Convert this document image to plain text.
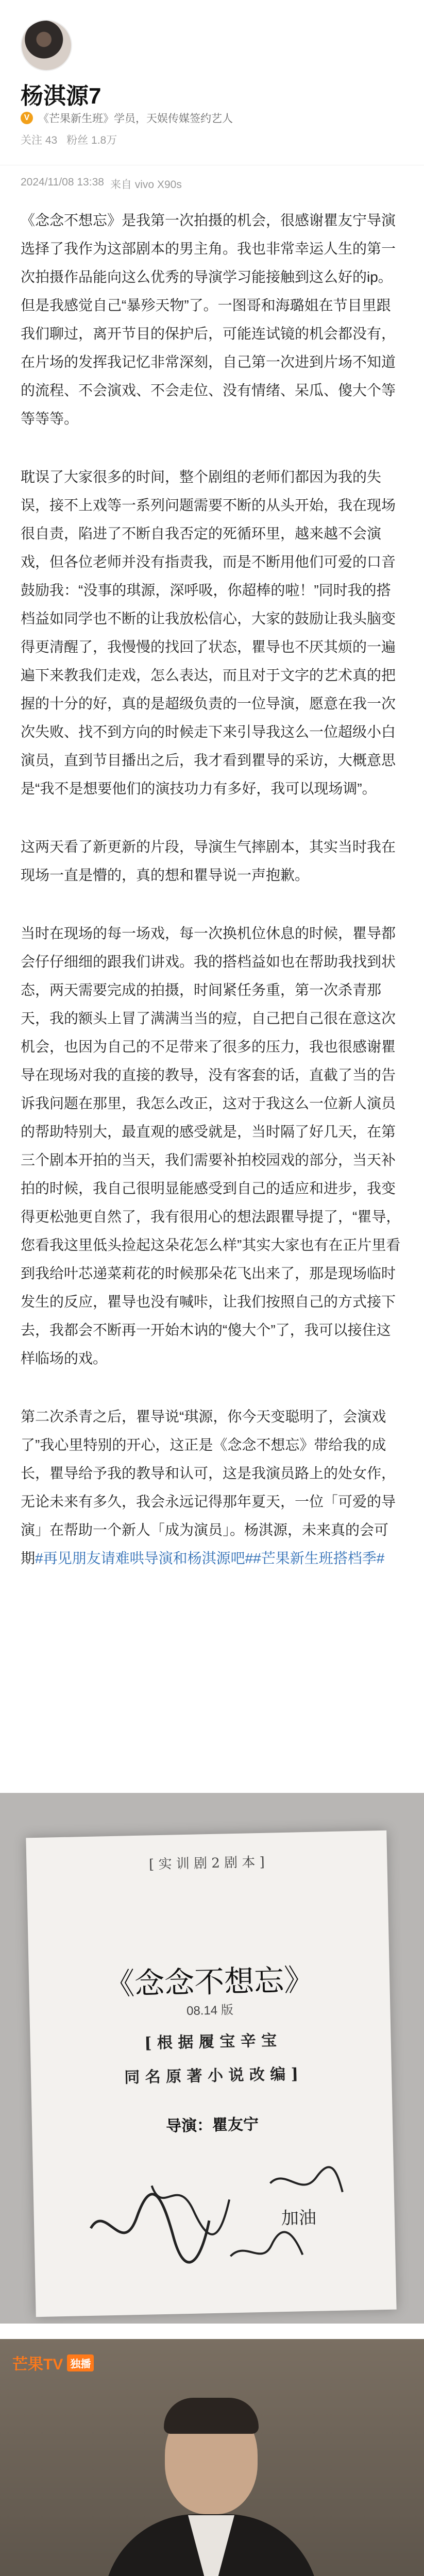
杨淇源7
V 《芒果新生班》学员，天娱传媒签约艺人
关注 43 粉丝 1.8万
2024/11/08 13:38 来自 vivo X90s

《念念不想忘》是我第一次拍摄的机会，很感谢瞿友宁导演选择了我作为这部剧本的男主角。我也非常幸运人生的第一次拍摄作品能向这么优秀的导演学习能接触到这么好的ip。但是我感觉自己“暴殄天物”了。一图哥和海璐姐在节目里跟我们聊过，离开节目的保护后，可能连试镜的机会都没有，在片场的发挥我记忆非常深刻，自己第一次进到片场不知道的流程、不会演戏、不会走位、没有情绪、呆瓜、傻大个等等等等。

耽误了大家很多的时间，整个剧组的老师们都因为我的失误，接不上戏等一系列问题需要不断的从头开始，我在现场很自责，陷进了不断自我否定的死循环里，越来越不会演戏，但各位老师并没有指责我，而是不断用他们可爱的口音鼓励我：“没事的琪源，深呼吸，你超棒的啦！”同时我的搭档益如同学也不断的让我放松信心，大家的鼓励让我头脑变得更清醒了，我慢慢的找回了状态，瞿导也不厌其烦的一遍遍下来教我们走戏，怎么表达，而且对于文字的艺术真的把握的十分的好，真的是超级负责的一位导演，愿意在我一次次失败、找不到方向的时候走下来引导我这么一位超级小白演员，直到节目播出之后，我才看到瞿导的采访，大概意思是“我不是想要他们的演技功力有多好，我可以现场调”。

这两天看了新更新的片段，导演生气摔剧本，其实当时我在现场一直是懵的，真的想和瞿导说一声抱歉。

当时在现场的每一场戏，每一次换机位休息的时候，瞿导都会仔仔细细的跟我们讲戏。我的搭档益如也在帮助我找到状态，两天需要完成的拍摄，时间紧任务重，第一次杀青那天，我的额头上冒了满满当当的痘，自己把自己很在意这次机会，也因为自己的不足带来了很多的压力，我也很感谢瞿导在现场对我的直接的教导，没有客套的话，直截了当的告诉我问题在那里，我怎么改正，这对于我这么一位新人演员的帮助特别大，最直观的感受就是，当时隔了好几天，在第三个剧本开拍的当天，我们需要补拍校园戏的部分，当天补拍的时候，我自己很明显能感受到自己的适应和进步，我变得更松弛更自然了，我有很用心的想法跟瞿导提了，“瞿导，您看我这里低头捡起这朵花怎么样”其实大家也有在正片里看到我给叶芯递菜莉花的时候那朵花飞出来了，那是现场临时发生的反应，瞿导也没有喊咔，让我们按照自己的方式接下去，我都会不断再一开始木讷的“傻大个”了，我可以接住这样临场的戏。

第二次杀青之后，瞿导说“琪源，你今天变聪明了，会演戏了”我心里特别的开心，这正是《念念不想忘》带给我的成长，瞿导给予我的教导和认可，这是我演员路上的处女作，无论未来有多久，我会永远记得那年夏天，一位「可爱的导演」在帮助一个新人「成为演员」。杨淇源，未来真的会可期#再见朋友请难哄导演和杨淇源吧##芒果新生班搭档季#

[ 实 训 剧 2 剧 本 ]
《念念不想忘》
08.14 版
[ 根 据 履 宝 辛 宝
同 名 原 著 小 说 改 编 ]
导演：瞿友宁
加油
芒果TV 独播
